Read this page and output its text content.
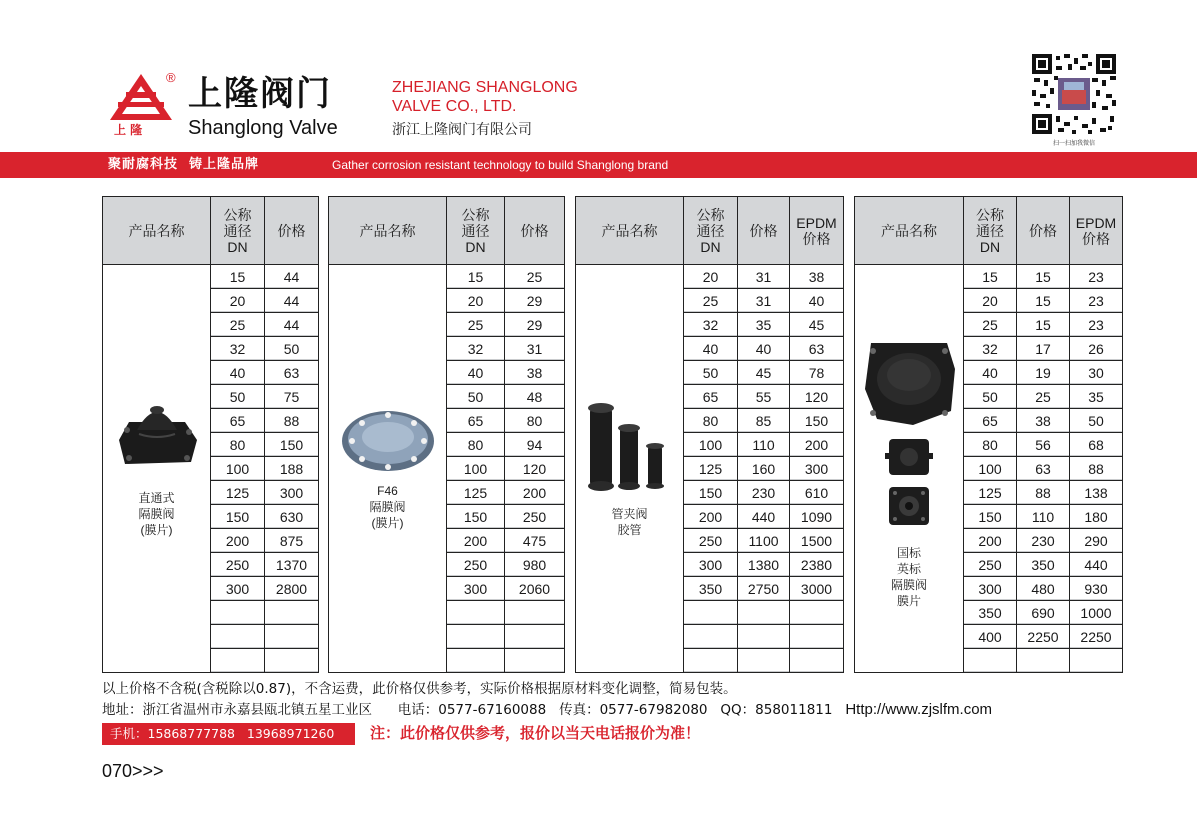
上 隆
® 上隆阀门
Shanglong Valve
ZHEJIANG SHANGLONG
VALVE CO., LTD.
浙江上隆阀门有限公司
扫一扫加我微信
聚耐腐科技  铸上隆品牌	Gather corrosion resistant technology to build Shanglong brand
产品名称	公称
通径
DN	价格

直通式
隔膜阀
(膜片)	15	44
	20	44
	25	44
	32	50
	40	63
	50	75
	65	88
	80	150
	100	188
	125	300
	150	630
	200	875
	250	1370
	300	2800

产品名称	公称
通径
DN	价格

F46
隔膜阀
(膜片)	15	25
	20	29
	25	29
	32	31
	40	38
	50	48
	65	80
	80	94
	100	120
	125	200
	150	250
	200	475
	250	980
	300	2060

产品名称	公称
通径
DN	价格	EPDM
价格

管夹阀
胶管	20	31	38
	25	31	40
	32	35	45
	40	40	63
	50	45	78
	65	55	120
	80	85	150
	100	110	200
	125	160	300
	150	230	610
	200	440	1090
	250	1100	1500
	300	1380	2380
	350	2750	3000

产品名称	公称
通径
DN	价格	EPDM
价格

国标
英标
隔膜阀
膜片	15	15	23
	20	15	23
	25	15	23
	32	17	26
	40	19	30
	50	25	35
	65	38	50
	80	56	68
	100	63	88
	125	88	138
	150	110	180
	200	230	290
	250	350	440
	300	480	930
	350	690	1000
	400	2250	2250

以上价格不含税(含税除以0.87)，不含运费，此价格仅供参考，实际价格根据原材料变化调整，简易包装。
地址：浙江省温州市永嘉县瓯北镇五星工业区 电话：0577-67160088 传真：0577-67982080 QQ：858011811 Http://www.zjslfm.com
手机：15868777788   13968971260 注：此价格仅供参考，报价以当天电话报价为准！
070>>>
